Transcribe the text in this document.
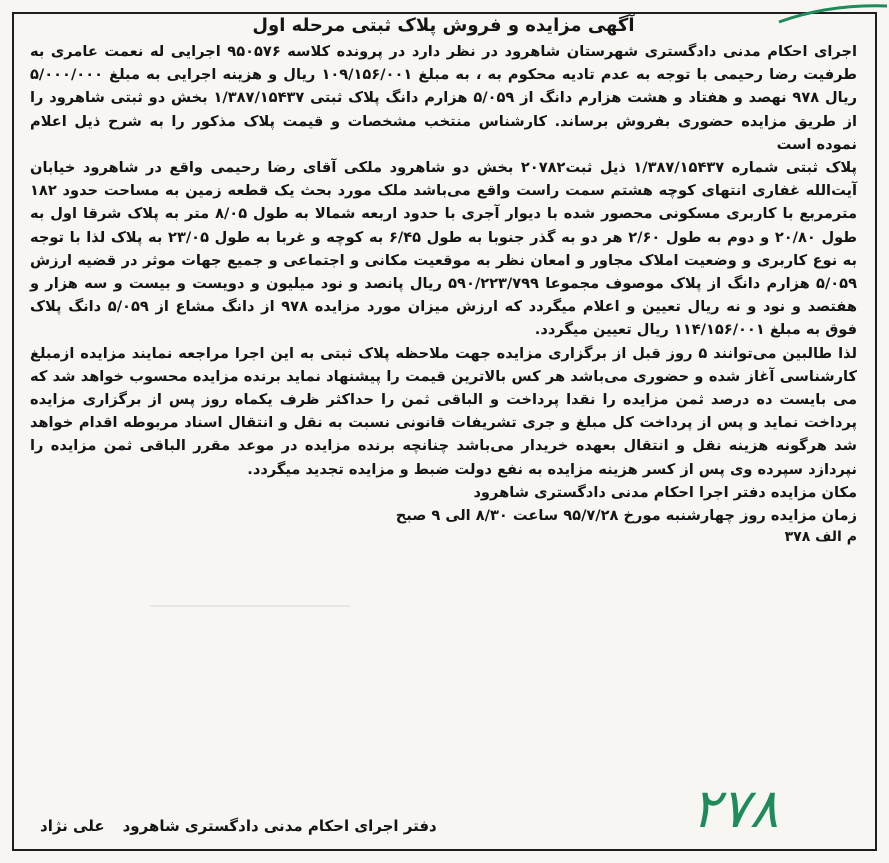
آگهی مزایده و فروش پلاک ثبتی مرحله اول

اجرای احکام مدنی دادگستری شهرستان شاهرود در نظر دارد در پرونده کلاسه ۹۵۰۵۷۶ اجرایی له نعمت عامری به طرفیت رضا رحیمی با توجه به عدم تادیه محکوم به ، به مبلغ ۱۰۹/۱۵۶/۰۰۱ ریال و هزینه اجرایی به مبلغ ۵/۰۰۰/۰۰۰ ریال ۹۷۸ نهصد و هفتاد و هشت هزارم دانگ از ۵/۰۵۹ هزارم دانگ پلاک ثبتی ۱/۳۸۷/۱۵۴۳۷ بخش دو ثبتی شاهرود را از طریق مزایده حضوری بفروش برساند. کارشناس منتخب مشخصات و قیمت پلاک مذکور را به شرح ذیل اعلام نموده است

پلاک ثبتی شماره ۱/۳۸۷/۱۵۴۳۷ ذیل ثبت۲۰۷۸۲ بخش دو شاهرود ملکی آقای رضا رحیمی واقع در شاهرود خیابان آیت‌الله غفاری انتهای کوچه هشتم سمت راست واقع می‌باشد ملک مورد بحث یک قطعه زمین به مساحت حدود ۱۸۲ مترمربع با کاربری مسکونی محصور شده با دیوار آجری با حدود اربعه شمالا به طول ۸/۰۵ متر به پلاک شرقا اول به طول ۲۰/۸۰ و دوم به طول ۲/۶۰ هر دو به گذر جنوبا به طول ۶/۴۵ به کوچه و غربا به طول ۲۳/۰۵ به پلاک لذا با توجه به نوع کاربری و وضعیت املاک مجاور و امعان نظر به موقعیت مکانی و اجتماعی و جمیع جهات موثر در قضیه ارزش ۵/۰۵۹ هزارم دانگ از پلاک موصوف مجموعا ۵۹۰/۲۲۳/۷۹۹ ریال پانصد و نود میلیون و دویست و بیست و سه هزار و هفتصد و نود و نه ریال تعیین و اعلام میگردد که ارزش میزان مورد مزایده ۹۷۸ از دانگ مشاع از ۵/۰۵۹ دانگ پلاک فوق به مبلغ ۱۱۴/۱۵۶/۰۰۱ ریال تعیین میگردد.

لذا طالبین می‌توانند ۵ روز قبل از برگزاری مزایده جهت ملاحظه پلاک ثبتی به این اجرا مراجعه نمایند مزایده ازمبلغ کارشناسی آغاز شده و حضوری می‌باشد هر کس بالاترین قیمت را پیشنهاد نماید برنده مزایده محسوب خواهد شد که می بایست ده درصد ثمن مزایده را نقدا پرداخت و الباقی ثمن را حداکثر ظرف یکماه روز پس از برگزاری مزایده پرداخت نماید و پس از پرداخت کل مبلغ و جری تشریفات قانونی نسبت به نقل و انتقال اسناد مربوطه اقدام خواهد شد هرگونه هزینه نقل و انتقال بعهده خریدار می‌باشد چنانچه برنده مزایده در موعد مقرر الباقی ثمن مزایده را نپردازد سپرده وی پس از کسر هزینه مزایده به نفع دولت ضبط و مزایده تجدید میگردد.

مکان مزایده دفتر اجرا احکام مدنی دادگستری شاهرود

زمان مزایده روز چهارشنبه مورخ ۹۵/۷/۲۸ ساعت ۸/۳۰ الی ۹ صبح

م الف ۳۷۸

۲۷۸
دفتر اجرای احکام مدنی دادگستری شاهرود
علی نژاد
